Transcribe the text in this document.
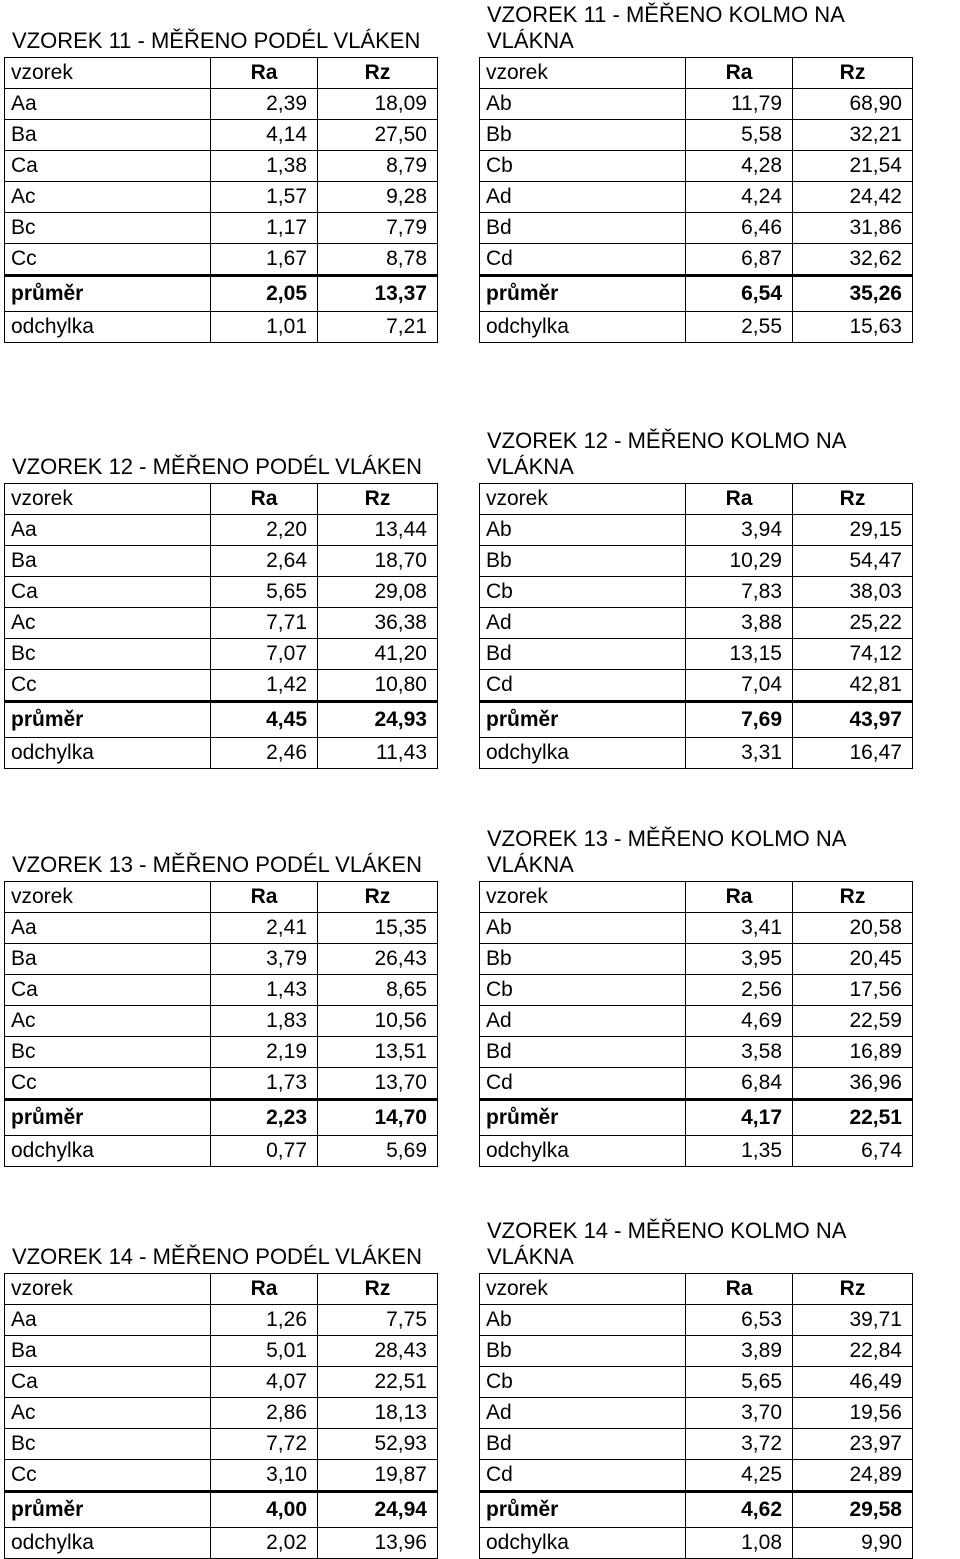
VZOREK 11 - MĚŘENO PODÉL VLÁKEN
vzorek	Ra	Rz
Aa	2,39	18,09
Ba	4,14	27,50
Ca	1,38	8,79
Ac	1,57	9,28
Bc	1,17	7,79
Cc	1,67	8,78
průměr	2,05	13,37
odchylka	1,01	7,21
VZOREK 11 - MĚŘENO KOLMO NA
VLÁKNA
vzorek	Ra	Rz
Ab	11,79	68,90
Bb	5,58	32,21
Cb	4,28	21,54
Ad	4,24	24,42
Bd	6,46	31,86
Cd	6,87	32,62
průměr	6,54	35,26
odchylka	2,55	15,63
VZOREK 12 - MĚŘENO PODÉL VLÁKEN
vzorek	Ra	Rz
Aa	2,20	13,44
Ba	2,64	18,70
Ca	5,65	29,08
Ac	7,71	36,38
Bc	7,07	41,20
Cc	1,42	10,80
průměr	4,45	24,93
odchylka	2,46	11,43
VZOREK 12 - MĚŘENO KOLMO NA
VLÁKNA
vzorek	Ra	Rz
Ab	3,94	29,15
Bb	10,29	54,47
Cb	7,83	38,03
Ad	3,88	25,22
Bd	13,15	74,12
Cd	7,04	42,81
průměr	7,69	43,97
odchylka	3,31	16,47
VZOREK 13 - MĚŘENO PODÉL VLÁKEN
vzorek	Ra	Rz
Aa	2,41	15,35
Ba	3,79	26,43
Ca	1,43	8,65
Ac	1,83	10,56
Bc	2,19	13,51
Cc	1,73	13,70
průměr	2,23	14,70
odchylka	0,77	5,69
VZOREK 13 - MĚŘENO KOLMO NA
VLÁKNA
vzorek	Ra	Rz
Ab	3,41	20,58
Bb	3,95	20,45
Cb	2,56	17,56
Ad	4,69	22,59
Bd	3,58	16,89
Cd	6,84	36,96
průměr	4,17	22,51
odchylka	1,35	6,74
VZOREK 14 - MĚŘENO PODÉL VLÁKEN
vzorek	Ra	Rz
Aa	1,26	7,75
Ba	5,01	28,43
Ca	4,07	22,51
Ac	2,86	18,13
Bc	7,72	52,93
Cc	3,10	19,87
průměr	4,00	24,94
odchylka	2,02	13,96
VZOREK 14 - MĚŘENO KOLMO NA
VLÁKNA
vzorek	Ra	Rz
Ab	6,53	39,71
Bb	3,89	22,84
Cb	5,65	46,49
Ad	3,70	19,56
Bd	3,72	23,97
Cd	4,25	24,89
průměr	4,62	29,58
odchylka	1,08	9,90
